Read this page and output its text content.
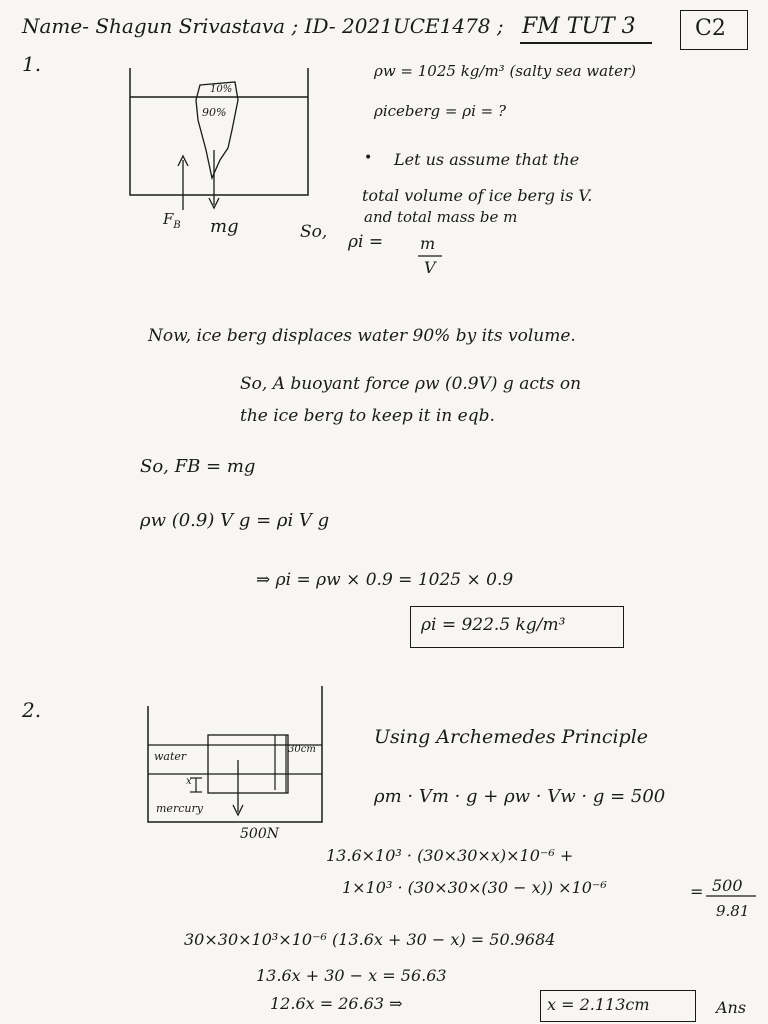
Name- Shagun Srivastava ; ID- 2021UCE1478 ; FM TUT 3	C2
1.
10%
90%
$F_B$ mg
ρw = 1025 kg/m³ (salty sea water)
ρiceberg = ρi = ?
• Let us assume that the
total volume of ice berg is V.
and total mass be m
So, ρi = m
V
Now, ice berg displaces water 90% by its volume.
So, A buoyant force ρw (0.9V) g acts on
the ice berg to keep it in eqb.
So, FB = mg
ρw (0.9) V g = ρi V g
⇒ ρi = ρw × 0.9 = 1025 × 0.9
ρi = 922.5 kg/m³
2.
water
x
mercury
30cm
500N
Using Archemedes Principle
ρm · Vm · g + ρw · Vw · g = 500
13.6×10³ · (30×30×x)×10⁻⁶ +
1×10³ · (30×30×(30 − x)) ×10⁻⁶	= 500
9.81
30×30×10³×10⁻⁶ (13.6x + 30 − x) = 50.9684
13.6x + 30 − x = 56.63
12.6x = 26.63 ⇒	x = 2.113cm	Ans
